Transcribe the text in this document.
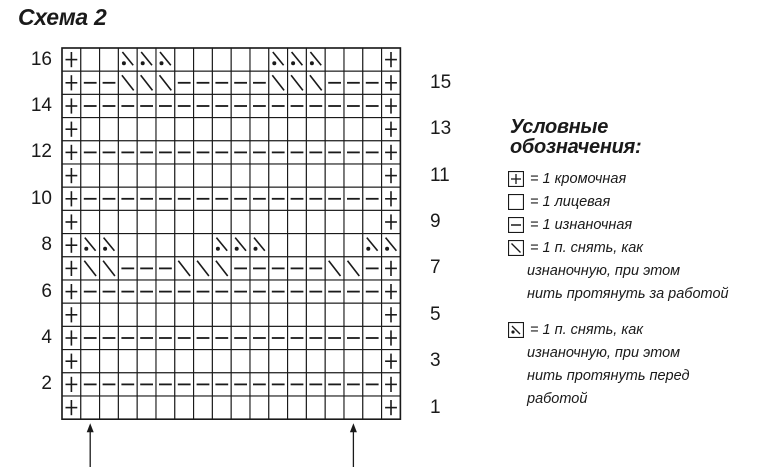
Схема 2
16
14
12
10
8
6
4
2
15
13
11
9
7
5
3
1
Условные
обозначения:
= 1 кромочная
= 1 лицевая
= 1 изнаночная
= 1 п. снять, как
изнаночную, при этом
нить протянуть за работой
= 1 п. снять, как
изнаночную, при этом
нить протянуть перед
работой
